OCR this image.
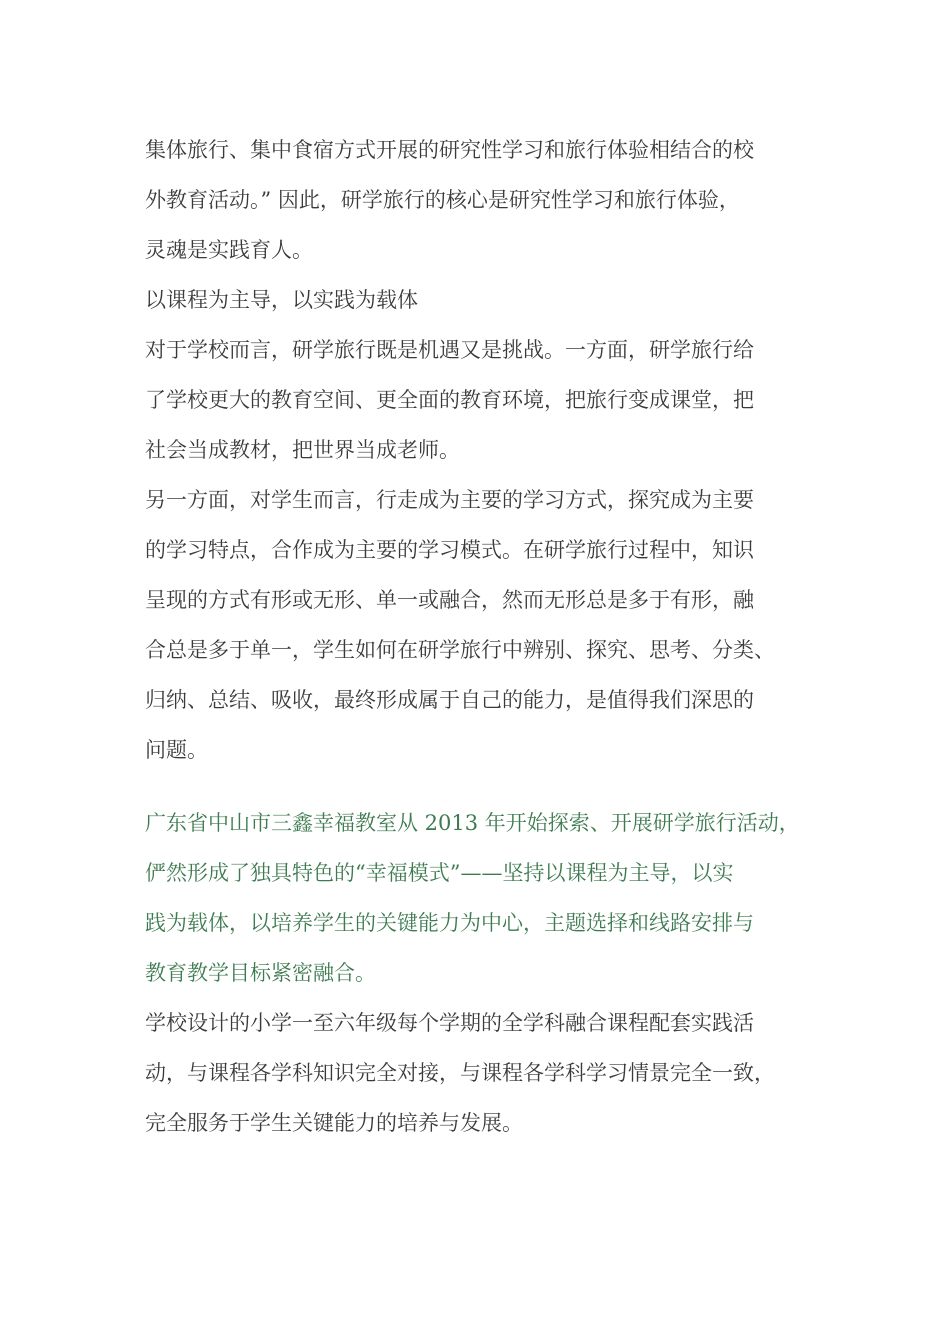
集体旅行、集中食宿方式开展的研究性学习和旅行体验相结合的校
外教育活动。” 因此，研学旅行的核心是研究性学习和旅行体验，
灵魂是实践育人。
以课程为主导，以实践为载体
对于学校而言，研学旅行既是机遇又是挑战。一方面，研学旅行给
了学校更大的教育空间、更全面的教育环境，把旅行变成课堂，把
社会当成教材，把世界当成老师。
另一方面，对学生而言，行走成为主要的学习方式，探究成为主要
的学习特点，合作成为主要的学习模式。在研学旅行过程中，知识
呈现的方式有形或无形、单一或融合，然而无形总是多于有形，融
合总是多于单一，学生如何在研学旅行中辨别、探究、思考、分类、
归纳、总结、吸收，最终形成属于自己的能力，是值得我们深思的
问题。
广东省中山市三鑫幸福教室从 2013 年开始探索、开展研学旅行活动，
俨然形成了独具特色的“幸福模式”——坚持以课程为主导，以实
践为载体，以培养学生的关键能力为中心，主题选择和线路安排与
教育教学目标紧密融合。
学校设计的小学一至六年级每个学期的全学科融合课程配套实践活
动，与课程各学科知识完全对接，与课程各学科学习情景完全一致，
完全服务于学生关键能力的培养与发展。
